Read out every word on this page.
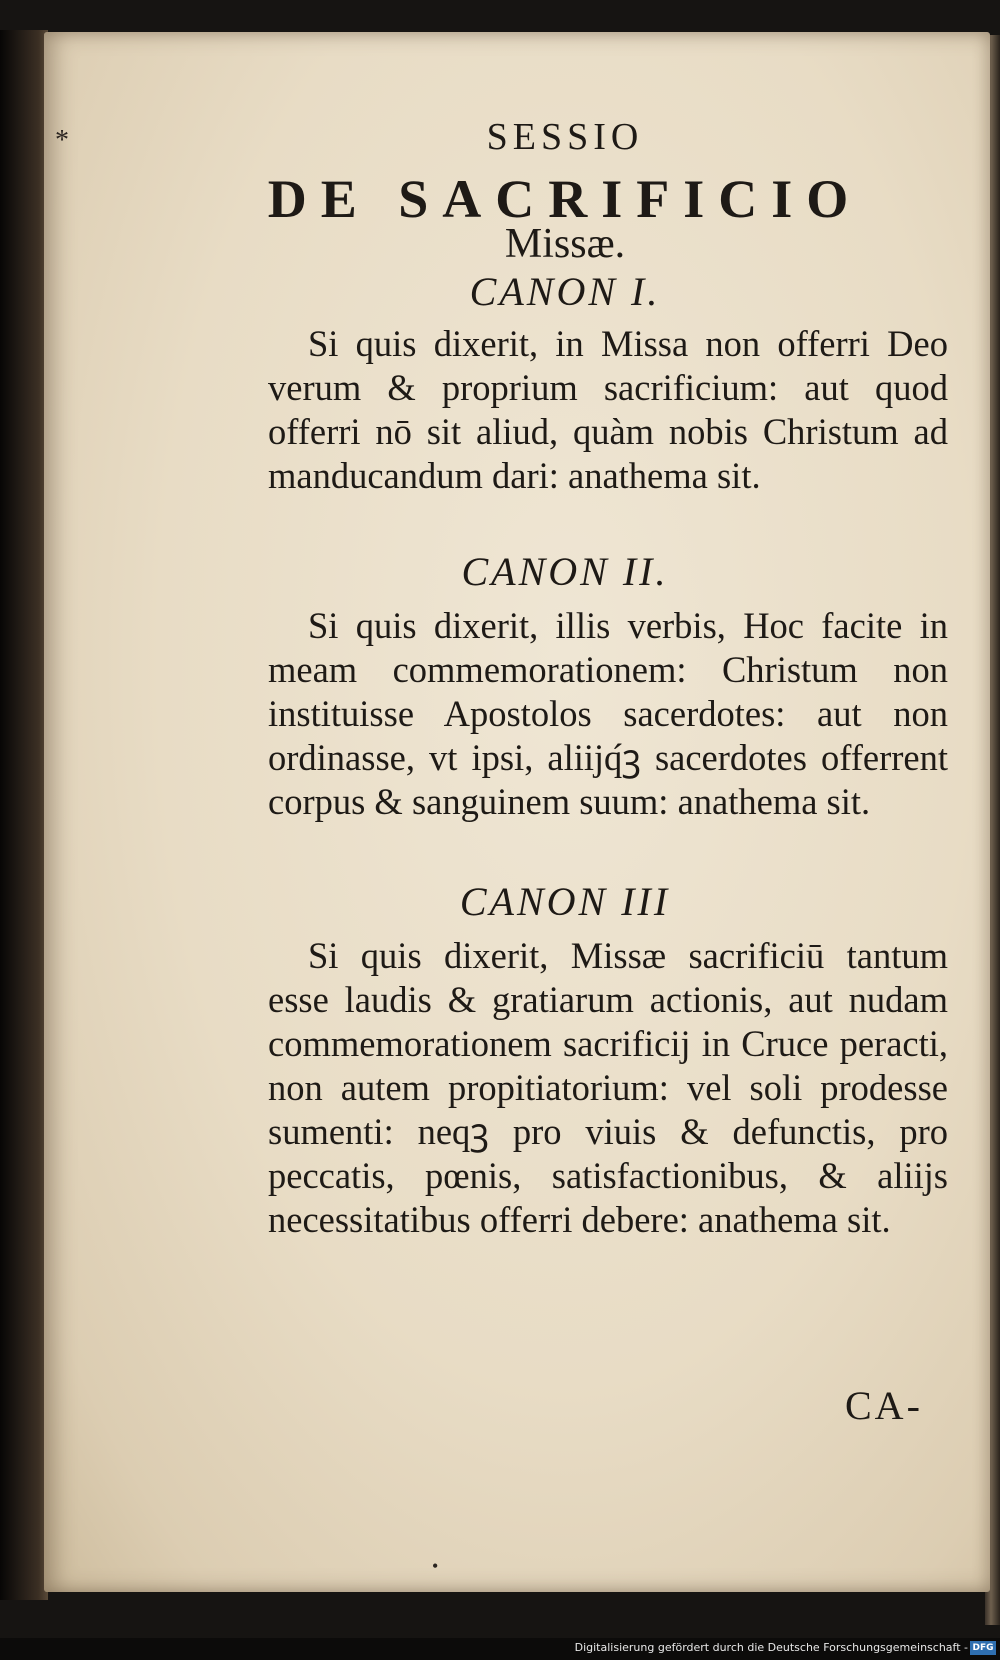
*	SESSIO
DE SACRIFICIO
Missæ.
CANON I.
Si quis dixerit, in Missa non offerri Deo verum & proprium sacrificium: aut quod offerri nō sit aliud, quàm nobis Christum ad manducandum dari: anathema sit.
CANON II.
Si quis dixerit, illis verbis, Hoc facite in meam commemorationem: Christum non instituisse Apostolos sacerdotes: aut non ordinasse, vt ipsi, aliĳq́ꝫ sacerdotes offerrent corpus & sanguinem suum: anathema sit.
CANON III
Si quis dixerit, Missæ sacrificiū tantum esse laudis & gratiarum actionis, aut nudam commemorationem sacrificĳ in Cruce peracti, non autem propitiatorium: vel soli prodesse sumenti: neqꝫ pro viuis & defunctis, pro peccatis, pœnis, satisfactionibus, & aliĳs necessitatibus offerri debere: anathema sit.
CA-
•
Digitalisierung gefördert durch die Deutsche Forschungsgemeinschaft - DFG
